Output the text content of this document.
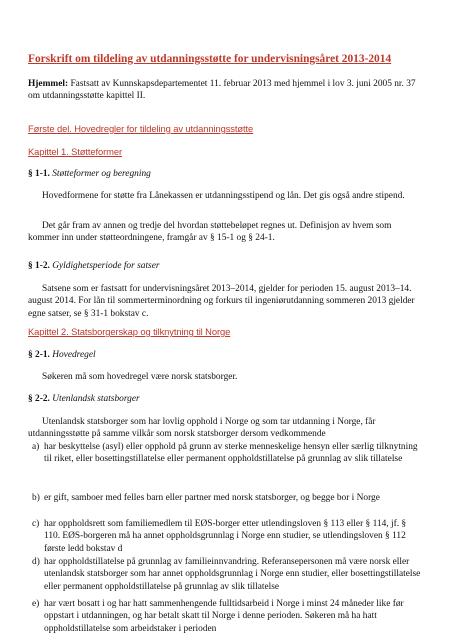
Forskrift om tildeling av utdanningsstøtte for undervisningsåret 2013-2014

Hjemmel: Fastsatt av Kunnskapsdepartementet 11. februar 2013 med hjemmel i lov 3. juni 2005 nr. 37 om utdanningsstøtte kapittel II.

Første del. Hovedregler for tildeling av utdanningsstøtte

Kapittel 1. Støtteformer

§ 1-1. Støtteformer og beregning

Hovedformene for støtte fra Lånekassen er utdanningsstipend og lån. Det gis også andre stipend.

Det går fram av annen og tredje del hvordan støttebeløpet regnes ut. Definisjon av hvem som kommer inn under støtteordningene, framgår av § 15-1 og § 24-1.

§ 1-2. Gyldighetsperiode for satser

Satsene som er fastsatt for undervisningsåret 2013–2014, gjelder for perioden 15. august 2013–14. august 2014. For lån til sommerterminordning og forkurs til ingeniørutdanning sommeren 2013 gjelder egne satser, se § 31-1 bokstav c.

Kapittel 2. Statsborgerskap og tilknytning til Norge

§ 2-1. Hovedregel

Søkeren må som hovedregel være norsk statsborger.

§ 2-2. Utenlandsk statsborger

Utenlandsk statsborger som har lovlig opphold i Norge og som tar utdanning i Norge, får utdanningsstøtte på samme vilkår som norsk statsborger dersom vedkommende

a) har beskyttelse (asyl) eller opphold på grunn av sterke menneskelige hensyn eller særlig tilknytning til riket, eller bosettingstillatelse eller permanent oppholdstillatelse på grunnlag av slik tillatelse
b) er gift, samboer med felles barn eller partner med norsk statsborger, og begge bor i Norge
c) har oppholdsrett som familiemedlem til EØS-borger etter utlendingsloven § 113 eller § 114, jf. § 110. EØS-borgeren må ha annet oppholdsgrunnlag i Norge enn studier, se utlendingsloven § 112 første ledd bokstav d
d) har oppholdstillatelse på grunnlag av familieinnvandring. Referansepersonen må være norsk eller utenlandsk statsborger som har annet oppholdsgrunnlag i Norge enn studier, eller bosettingstillatelse eller permanent oppholdstillatelse på grunnlag av slik tillatelse
e) har vært bosatt i og har hatt sammenhengende fulltidsarbeid i Norge i minst 24 måneder like før oppstart i utdanningen, og har betalt skatt til Norge i denne perioden. Søkeren må ha hatt oppholdstillatelse som arbeidstaker i perioden
